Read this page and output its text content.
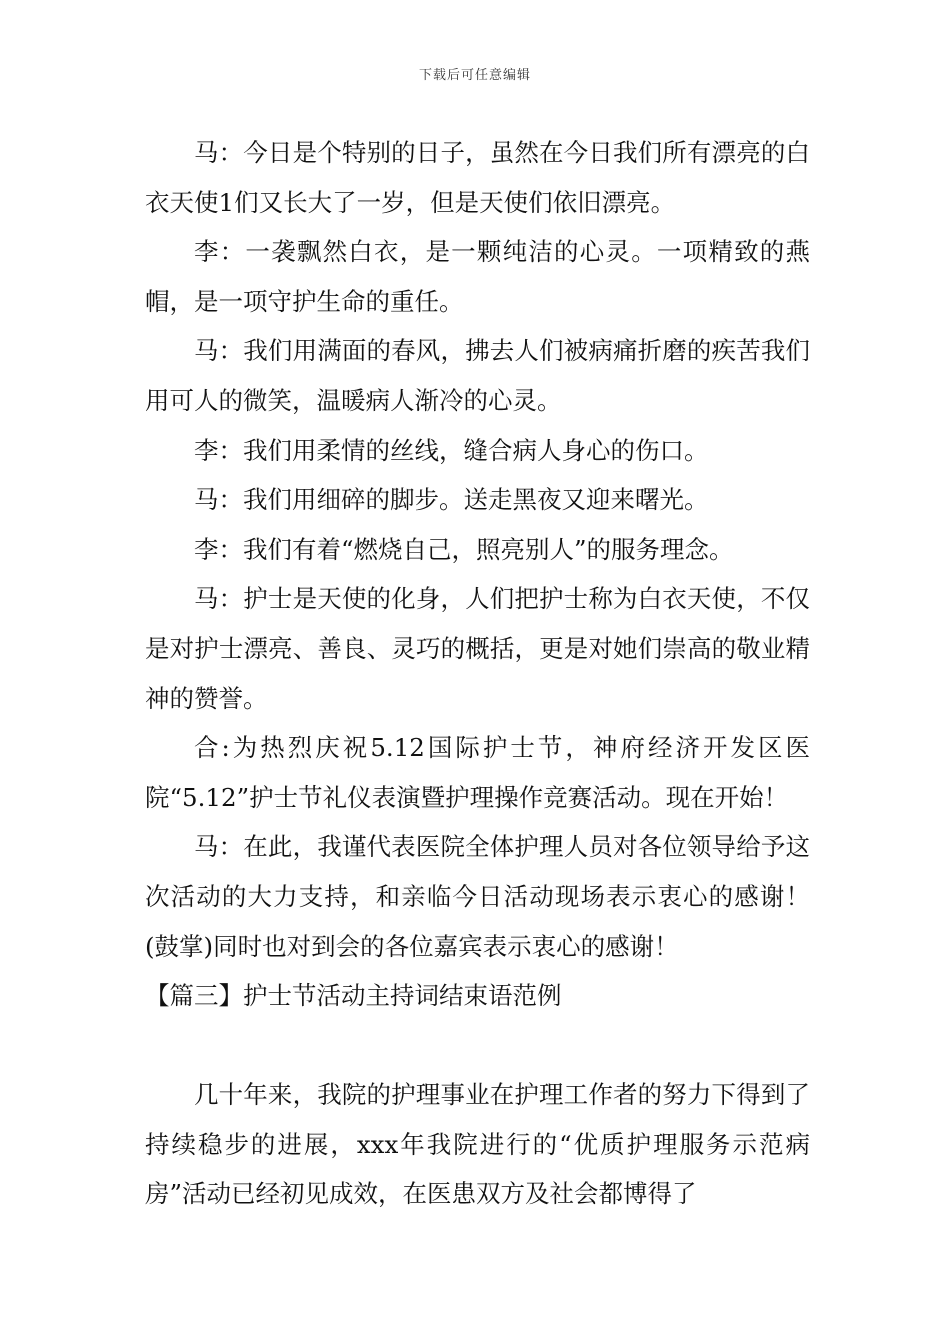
下载后可任意编辑

马：今日是个特别的日子，虽然在今日我们所有漂亮的白衣天使1们又长大了一岁，但是天使们依旧漂亮。

李：一袭飘然白衣，是一颗纯洁的心灵。一项精致的燕帽，是一项守护生命的重任。

马：我们用满面的春风，拂去人们被病痛折磨的疾苦我们用可人的微笑，温暖病人渐冷的心灵。

李：我们用柔情的丝线，缝合病人身心的伤口。

马：我们用细碎的脚步。送走黑夜又迎来曙光。

李：我们有着“燃烧自己，照亮别人”的服务理念。

马：护士是天使的化身，人们把护士称为白衣天使，不仅是对护士漂亮、善良、灵巧的概括，更是对她们崇高的敬业精神的赞誉。

合:为热烈庆祝5.12国际护士节，神府经济开发区医院“5.12”护士节礼仪表演暨护理操作竞赛活动。现在开始！

马：在此，我谨代表医院全体护理人员对各位领导给予这次活动的大力支持，和亲临今日活动现场表示衷心的感谢！(鼓掌)同时也对到会的各位嘉宾表示衷心的感谢！

【篇三】护士节活动主持词结束语范例

几十年来，我院的护理事业在护理工作者的努力下得到了持续稳步的进展，xxx年我院进行的“优质护理服务示范病房”活动已经初见成效，在医患双方及社会都博得了
